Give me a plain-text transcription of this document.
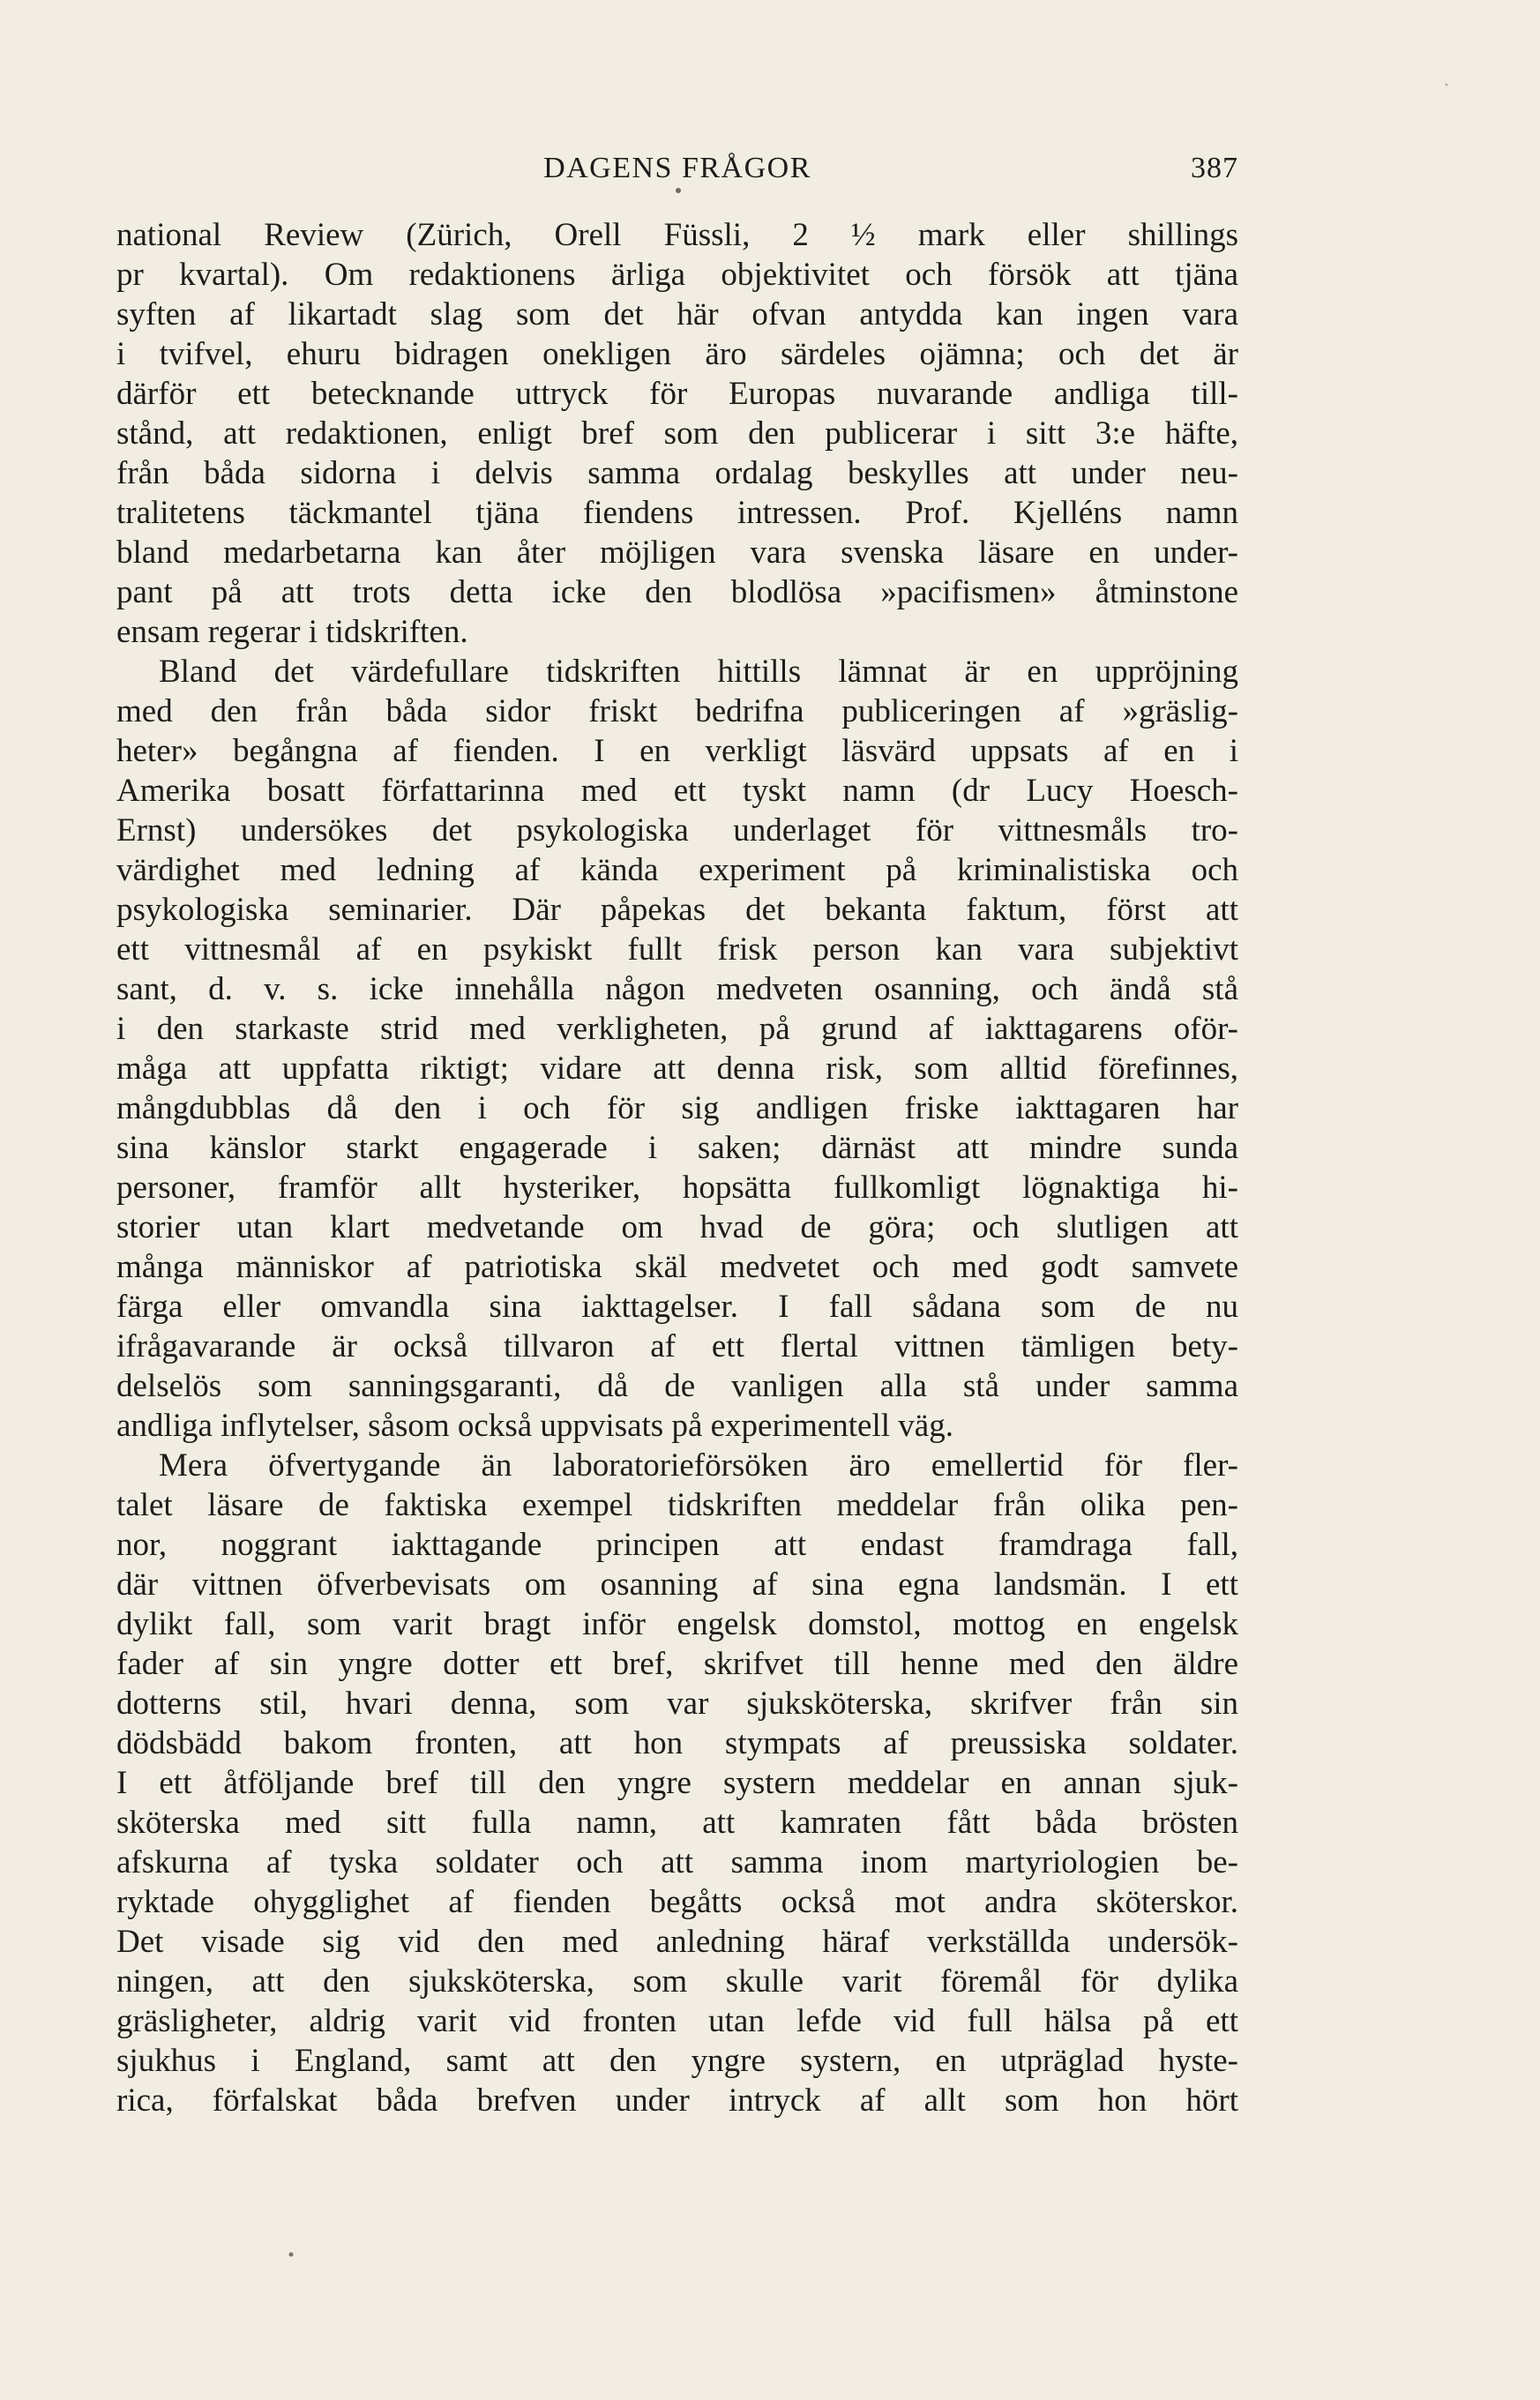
DAGENS FRÅGOR	387
national Review (Zürich, Orell Füssli, 2 ½ mark eller shillings
pr kvartal). Om redaktionens ärliga objektivitet och försök att tjäna
syften af likartadt slag som det här ofvan antydda kan ingen vara
i tvifvel, ehuru bidragen onekligen äro särdeles ojämna; och det är
därför ett betecknande uttryck för Europas nuvarande andliga till-
stånd, att redaktionen, enligt bref som den publicerar i sitt 3:e häfte,
från båda sidorna i delvis samma ordalag beskylles att under neu-
tralitetens täckmantel tjäna fiendens intressen. Prof. Kjelléns namn
bland medarbetarna kan åter möjligen vara svenska läsare en under-
pant på att trots detta icke den blodlösa »pacifismen» åtminstone
ensam regerar i tidskriften.
Bland det värdefullare tidskriften hittills lämnat är en uppröjning
med den från båda sidor friskt bedrifna publiceringen af »gräslig-
heter» begångna af fienden. I en verkligt läsvärd uppsats af en i
Amerika bosatt författarinna med ett tyskt namn (dr Lucy Hoesch-
Ernst) undersökes det psykologiska underlaget för vittnesmåls tro-
värdighet med ledning af kända experiment på kriminalistiska och
psykologiska seminarier. Där påpekas det bekanta faktum, först att
ett vittnesmål af en psykiskt fullt frisk person kan vara subjektivt
sant, d. v. s. icke innehålla någon medveten osanning, och ändå stå
i den starkaste strid med verkligheten, på grund af iakttagarens oför-
måga att uppfatta riktigt; vidare att denna risk, som alltid förefinnes,
mångdubblas då den i och för sig andligen friske iakttagaren har
sina känslor starkt engagerade i saken; därnäst att mindre sunda
personer, framför allt hysteriker, hopsätta fullkomligt lögnaktiga hi-
storier utan klart medvetande om hvad de göra; och slutligen att
många människor af patriotiska skäl medvetet och med godt samvete
färga eller omvandla sina iakttagelser. I fall sådana som de nu
ifrågavarande är också tillvaron af ett flertal vittnen tämligen bety-
delselös som sanningsgaranti, då de vanligen alla stå under samma
andliga inflytelser, såsom också uppvisats på experimentell väg.
Mera öfvertygande än laboratorieförsöken äro emellertid för fler-
talet läsare de faktiska exempel tidskriften meddelar från olika pen-
nor, noggrant iakttagande principen att endast framdraga fall,
där vittnen öfverbevisats om osanning af sina egna landsmän. I ett
dylikt fall, som varit bragt inför engelsk domstol, mottog en engelsk
fader af sin yngre dotter ett bref, skrifvet till henne med den äldre
dotterns stil, hvari denna, som var sjuksköterska, skrifver från sin
dödsbädd bakom fronten, att hon stympats af preussiska soldater.
I ett åtföljande bref till den yngre systern meddelar en annan sjuk-
sköterska med sitt fulla namn, att kamraten fått båda brösten
afskurna af tyska soldater och att samma inom martyriologien be-
ryktade ohygglighet af fienden begåtts också mot andra sköterskor.
Det visade sig vid den med anledning häraf verkställda undersök-
ningen, att den sjuksköterska, som skulle varit föremål för dylika
gräsligheter, aldrig varit vid fronten utan lefde vid full hälsa på ett
sjukhus i England, samt att den yngre systern, en utpräglad hyste-
rica, förfalskat båda brefven under intryck af allt som hon hört
